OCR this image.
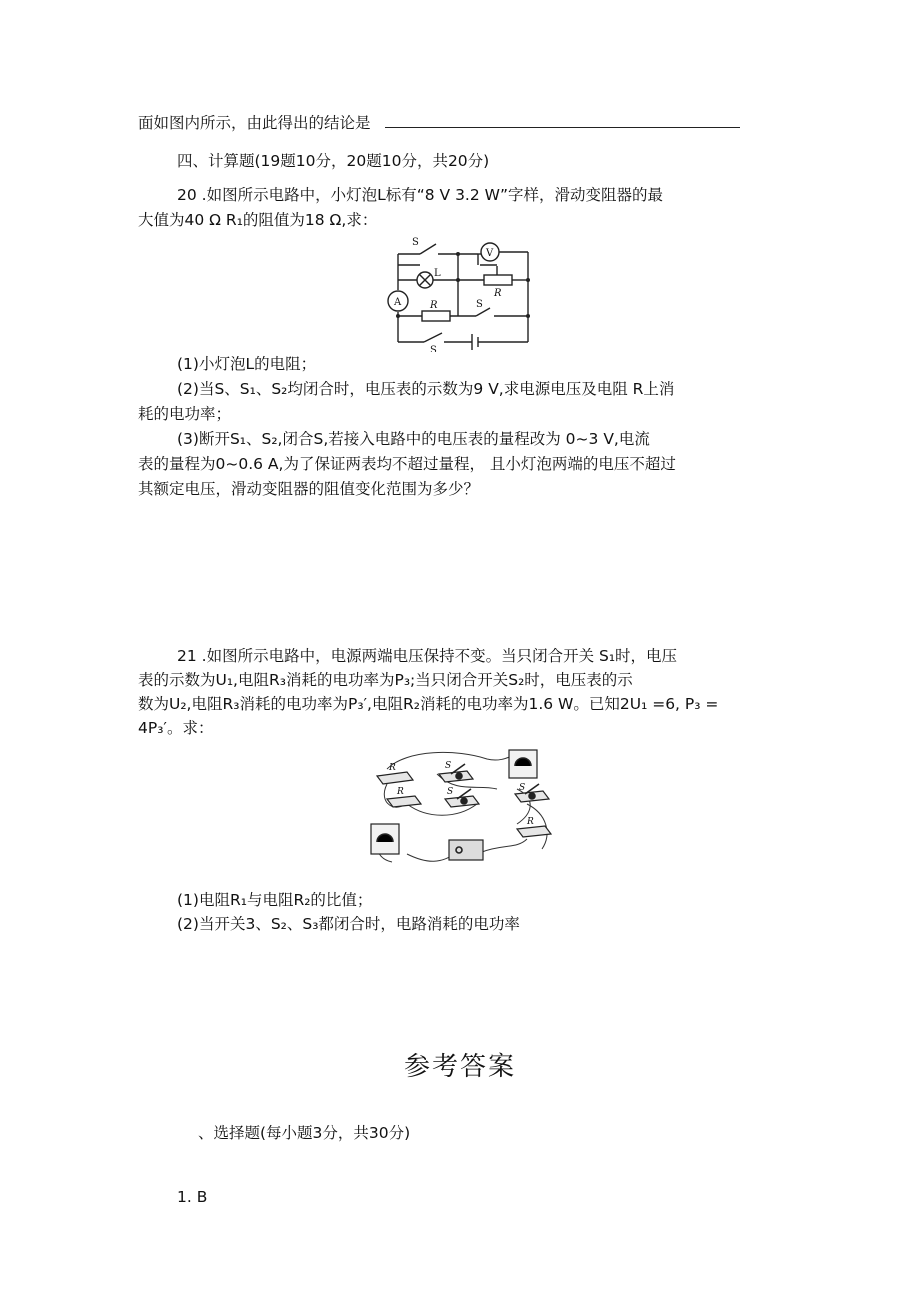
面如图内所示，由此得出的结论是
四、计算题(19题10分，20题10分，共20分)
20 .如图所示电路中，小灯泡L标有“8 V 3.2 W”字样，滑动变阻器的最
大值为40 Ω R₁的阻值为18 Ω,求：
S
L
V
A
R
R	S
S
(1)小灯泡L的电阻；
(2)当S、S₁、S₂均闭合时，电压表的示数为9 V,求电源电压及电阻 R上消
耗的电功率；
(3)断开S₁、S₂,闭合S,若接入电路中的电压表的量程改为 0~3 V,电流
表的量程为0~0.6 A,为了保证两表均不超过量程， 且小灯泡两端的电压不超过
其额定电压，滑动变阻器的阻值变化范围为多少？
21 .如图所示电路中，电源两端电压保持不变。当只闭合开关 S₁时，电压
表的示数为U₁,电阻R₃消耗的电功率为P₃;当只闭合开关S₂时，电压表的示
数为U₂,电阻R₃消耗的电功率为P₃′,电阻R₂消耗的电功率为1.6 W。已知2U₁ =6, P₃ =
4P₃′。求：
R	S
S	S
R
R
(1)电阻R₁与电阻R₂的比值；
(2)当开关3、S₂、S₃都闭合时，电路消耗的电功率
参考答案
、选择题(每小题3分，共30分)
1. B
